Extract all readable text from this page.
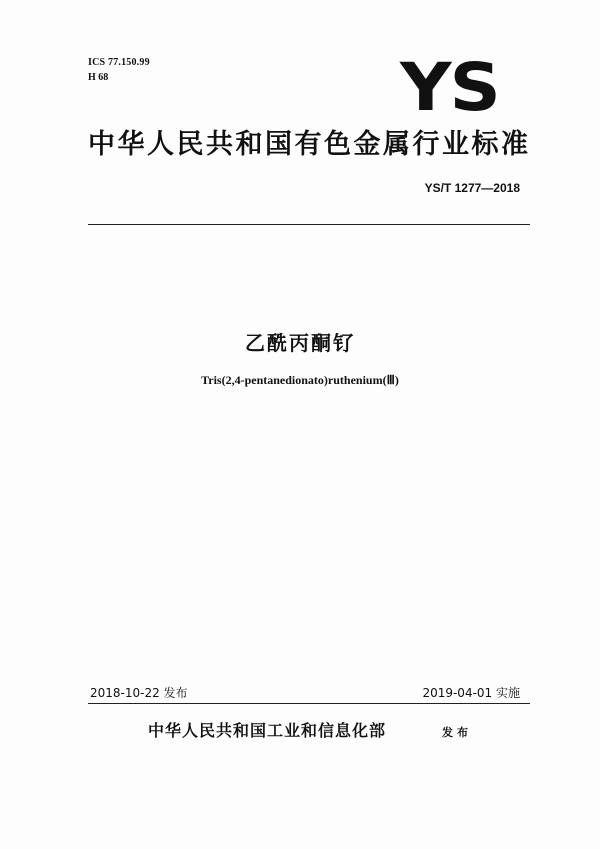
ICS 77.150.99
H 68	YS
中华人民共和国有色金属行业标准
YS/T 1277—2018
乙酰丙酮钌
Tris(2,4-pentanedionato)ruthenium(Ⅲ)
2018-10-22 发布	2019-04-01 实施
中华人民共和国工业和信息化部	发布
